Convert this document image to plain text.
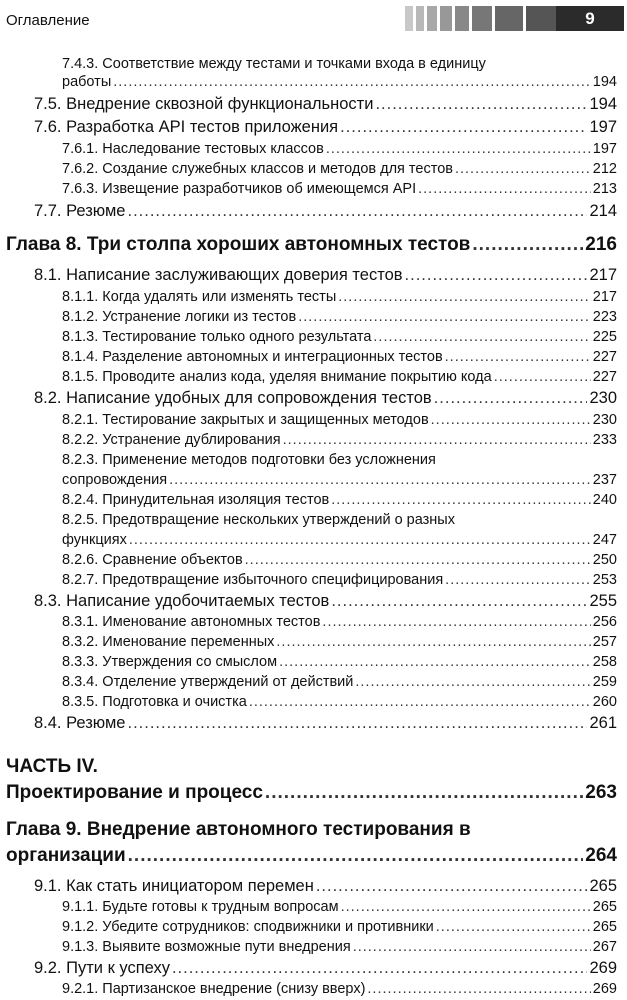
Оглавление	9
7.4.3. Соответствие между тестами и точками входа в единицу
работы .....	194
7.5. Внедрение сквозной функциональности .....	194
7.6. Разработка API тестов приложения .....	197
7.6.1. Наследование тестовых классов .....	197
7.6.2. Создание служебных классов и методов для тестов .....	212
7.6.3. Извещение разработчиков об имеющемся API .....	213
7.7. Резюме .....	214
Глава 8. Три столпа хороших автономных тестов .....	216
8.1. Написание заслуживающих доверия тестов .....	217
8.1.1. Когда удалять или изменять тесты .....	217
8.1.2. Устранение логики из тестов .....	223
8.1.3. Тестирование только одного результата .....	225
8.1.4. Разделение автономных и интеграционных тестов .....	227
8.1.5. Проводите анализ кода, уделяя внимание покрытию кода .....	227
8.2. Написание удобных для сопровождения тестов .....	230
8.2.1. Тестирование закрытых и защищенных методов .....	230
8.2.2. Устранение дублирования .....	233
8.2.3. Применение методов подготовки без усложнения
сопровождения .....	237
8.2.4. Принудительная изоляция тестов .....	240
8.2.5. Предотвращение нескольких утверждений о разных
функциях .....	247
8.2.6. Сравнение объектов .....	250
8.2.7. Предотвращение избыточного специфицирования .....	253
8.3. Написание удобочитаемых тестов .....	255
8.3.1. Именование автономных тестов .....	256
8.3.2. Именование переменных .....	257
8.3.3. Утверждения со смыслом .....	258
8.3.4. Отделение утверждений от действий .....	259
8.3.5. Подготовка и очистка .....	260
8.4. Резюме .....	261
ЧАСТЬ IV.
Проектирование и процесс .....	263
Глава 9. Внедрение автономного тестирования в
организации .....	264
9.1. Как стать инициатором перемен .....	265
9.1.1. Будьте готовы к трудным вопросам .....	265
9.1.2. Убедите сотрудников: сподвижники и противники .....	265
9.1.3. Выявите возможные пути внедрения .....	267
9.2. Пути к успеху .....	269
9.2.1. Партизанское внедрение (снизу вверх) .....	269
